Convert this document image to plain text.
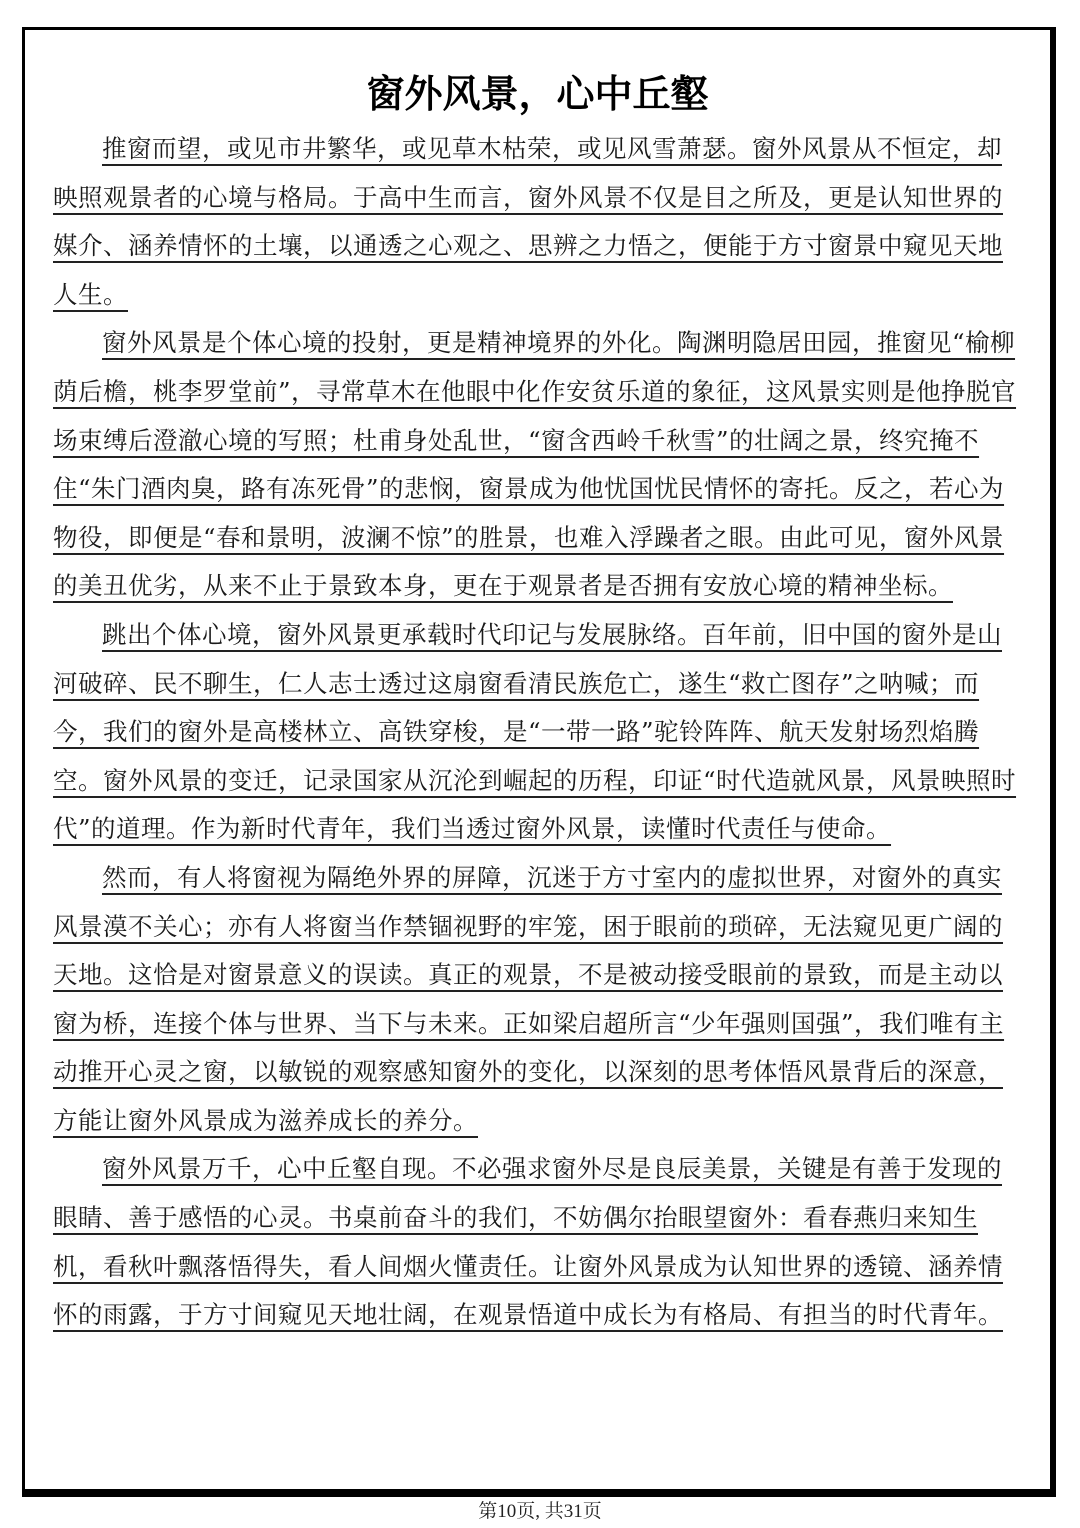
窗外风景，心中丘壑

推窗而望，或见市井繁华，或见草木枯荣，或见风雪萧瑟。窗外风景从不恒定，却映照观景者的心境与格局。于高中生而言，窗外风景不仅是目之所及，更是认知世界的媒介、涵养情怀的土壤，以通透之心观之、思辨之力悟之，便能于方寸窗景中窥见天地人生。

窗外风景是个体心境的投射，更是精神境界的外化。陶渊明隐居田园，推窗见“榆柳荫后檐，桃李罗堂前”，寻常草木在他眼中化作安贫乐道的象征，这风景实则是他挣脱官场束缚后澄澈心境的写照；杜甫身处乱世，“窗含西岭千秋雪”的壮阔之景，终究掩不住“朱门酒肉臭，路有冻死骨”的悲悯，窗景成为他忧国忧民情怀的寄托。反之，若心为物役，即便是“春和景明，波澜不惊”的胜景，也难入浮躁者之眼。由此可见，窗外风景的美丑优劣，从来不止于景致本身，更在于观景者是否拥有安放心境的精神坐标。

跳出个体心境，窗外风景更承载时代印记与发展脉络。百年前，旧中国的窗外是山河破碎、民不聊生，仁人志士透过这扇窗看清民族危亡，遂生“救亡图存”之呐喊；而今，我们的窗外是高楼林立、高铁穿梭，是“一带一路”驼铃阵阵、航天发射场烈焰腾空。窗外风景的变迁，记录国家从沉沦到崛起的历程，印证“时代造就风景，风景映照时代”的道理。作为新时代青年，我们当透过窗外风景，读懂时代责任与使命。

然而，有人将窗视为隔绝外界的屏障，沉迷于方寸室内的虚拟世界，对窗外的真实风景漠不关心；亦有人将窗当作禁锢视野的牢笼，困于眼前的琐碎，无法窥见更广阔的天地。这恰是对窗景意义的误读。真正的观景，不是被动接受眼前的景致，而是主动以窗为桥，连接个体与世界、当下与未来。正如梁启超所言“少年强则国强”，我们唯有主动推开心灵之窗，以敏锐的观察感知窗外的变化，以深刻的思考体悟风景背后的深意，方能让窗外风景成为滋养成长的养分。

窗外风景万千，心中丘壑自现。不必强求窗外尽是良辰美景，关键是有善于发现的眼睛、善于感悟的心灵。书桌前奋斗的我们，不妨偶尔抬眼望窗外：看春燕归来知生机，看秋叶飘落悟得失，看人间烟火懂责任。让窗外风景成为认知世界的透镜、涵养情怀的雨露，于方寸间窥见天地壮阔，在观景悟道中成长为有格局、有担当的时代青年。

第10页, 共31页
